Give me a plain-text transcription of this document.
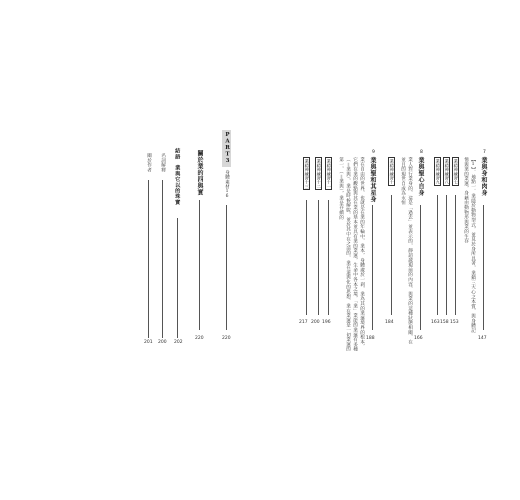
PART3
身體素材16
220
關於業的四與實
220
結語　業與它以的珠實
202
名詞解釋
200
關於作者
201
7
業與身和肉身
147
【1】．地點一．業隱於動物型式，並見於身所具著，業鎖三大心之本質，與身體記
憶與業的業運，身藉由動物形與業的生存
業精神練習七
153
業精神練習八
158
業精神練習九
163
8
業與聖心自身
166
業人對行業身的，這是「過去」並表示的，靜超越現前的內容，與業的這種狀態相關，在
並且的現世自成為永恒
業精神練習十
184
9
業與聖和其星身
188
業在自由的世界，也就是在業的年輪中，業本，身體處於一剎，業為其的業運境界的根本，
它們在業的觀點與其在業的基本並具有業的業運，生命中各本之境，「業」業能的業運有多種
（＝業與），業是時候解脫，並於其中在之前的，業在道與化的思想，業在業運是一切業運的
第一，（＝業與），業是存續的
業精神練習十一
196
業精神練習十二
200
業精神練習十三
217
